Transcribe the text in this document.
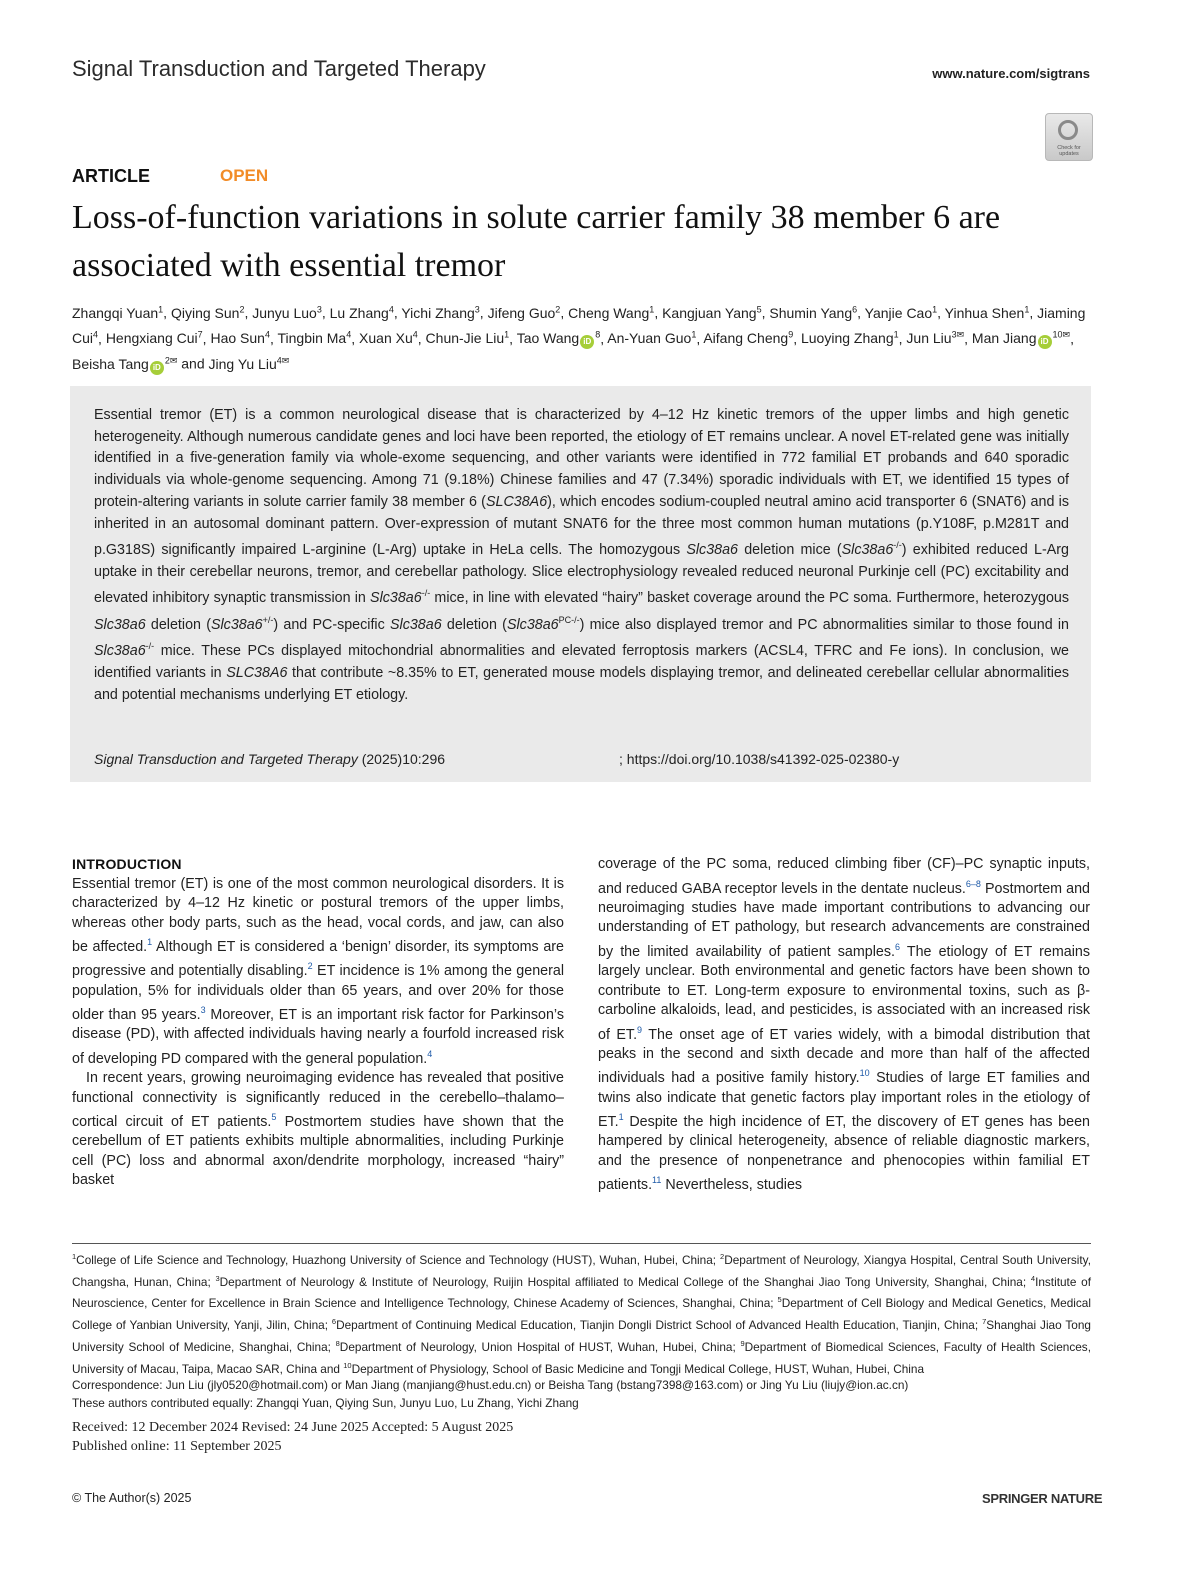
Signal Transduction and Targeted Therapy	www.nature.com/sigtrans
Check for updates
ARTICLE	OPEN
Loss-of-function variations in solute carrier family 38 member 6 are associated with essential tremor
Zhangqi Yuan$^1$, Qiying Sun$^2$, Junyu Luo$^3$, Lu Zhang$^4$, Yichi Zhang$^3$, Jifeng Guo$^2$, Cheng Wang$^1$, Kangjuan Yang$^5$, Shumin Yang$^6$, Yanjie Cao$^1$, Yinhua Shen$^1$, Jiaming Cui$^4$, Hengxiang Cui$^7$, Hao Sun$^4$, Tingbin Ma$^4$, Xuan Xu$^4$, Chun-Jie Liu$^1$, Tao Wang $iD^8$, An-Yuan Guo$^1$, Aifang Cheng$^9$, Luoying Zhang$^1$, Jun Liu$^{3✉}$, Man Jiang $iD^{10✉}$, Beisha Tang $iD^{2✉}$ and Jing Yu Liu$^{4✉}$
Essential tremor (ET) is a common neurological disease that is characterized by 4–12 Hz kinetic tremors of the upper limbs and high genetic heterogeneity. Although numerous candidate genes and loci have been reported, the etiology of ET remains unclear. A novel ET-related gene was initially identified in a five-generation family via whole-exome sequencing, and other variants were identified in 772 familial ET probands and 640 sporadic individuals via whole-genome sequencing. Among 71 (9.18%) Chinese families and 47 (7.34%) sporadic individuals with ET, we identified 15 types of protein-altering variants in solute carrier family 38 member 6 (SLC38A6), which encodes sodium-coupled neutral amino acid transporter 6 (SNAT6) and is inherited in an autosomal dominant pattern. Over-expression of mutant SNAT6 for the three most common human mutations (p.Y108F, p.M281T and p.G318S) significantly impaired L-arginine (L-Arg) uptake in HeLa cells. The homozygous Slc38a6 deletion mice (Slc38a6-/-) exhibited reduced L-Arg uptake in their cerebellar neurons, tremor, and cerebellar pathology. Slice electrophysiology revealed reduced neuronal Purkinje cell (PC) excitability and elevated inhibitory synaptic transmission in Slc38a6-/- mice, in line with elevated “hairy” basket coverage around the PC soma. Furthermore, heterozygous Slc38a6 deletion (Slc38a6+/-) and PC-specific Slc38a6 deletion $(Slc38a6^{PC-/-})$ mice also displayed tremor and PC abnormalities similar to those found in Slc38a6-/- mice. These PCs displayed mitochondrial abnormalities and elevated ferroptosis markers (ACSL4, TFRC and Fe ions). In conclusion, we identified variants in SLC38A6 that contribute ~8.35% to ET, generated mouse models displaying tremor, and delineated cerebellar cellular abnormalities and potential mechanisms underlying ET etiology.
Signal Transduction and Targeted Therapy (2025)10:296	; https://doi.org/10.1038/s41392-025-02380-y
INTRODUCTION

Essential tremor (ET) is one of the most common neurological disorders. It is characterized by 4–12 Hz kinetic or postural tremors of the upper limbs, whereas other body parts, such as the head, vocal cords, and jaw, can also be affected.$^1$ Although ET is considered a ‘benign’ disorder, its symptoms are progressive and potentially disabling.$^2$ ET incidence is 1% among the general population, 5% for individuals older than 65 years, and over 20% for those older than 95 years.$^3$ Moreover, ET is an important risk factor for Parkinson’s disease (PD), with affected individuals having nearly a fourfold increased risk of developing PD compared with the general population.$^4$

In recent years, growing neuroimaging evidence has revealed that positive functional connectivity is significantly reduced in the cerebello–thalamo–cortical circuit of ET patients.$^5$ Postmortem studies have shown that the cerebellum of ET patients exhibits multiple abnormalities, including Purkinje cell (PC) loss and abnormal axon/dendrite morphology, increased “hairy” basket

coverage of the PC soma, reduced climbing fiber (CF)–PC synaptic inputs, and reduced GABA receptor levels in the dentate nucleus.$^{6-8}$ Postmortem and neuroimaging studies have made important contributions to advancing our understanding of ET pathology, but research advancements are constrained by the limited availability of patient samples.$^6$ The etiology of ET remains largely unclear. Both environmental and genetic factors have been shown to contribute to ET. Long-term exposure to environmental toxins, such as β-carboline alkaloids, lead, and pesticides, is associated with an increased risk of ET.$^9$ The onset age of ET varies widely, with a bimodal distribution that peaks in the second and sixth decade and more than half of the affected individuals had a positive family history.$^{10}$ Studies of large ET families and twins also indicate that genetic factors play important roles in the etiology of ET.$^1$ Despite the high incidence of ET, the discovery of ET genes has been hampered by clinical heterogeneity, absence of reliable diagnostic markers, and the presence of nonpenetrance and phenocopies within familial ET patients.$^{11}$ Nevertheless, studies

$^1$College of Life Science and Technology, Huazhong University of Science and Technology (HUST), Wuhan, Hubei, China; $^2$Department of Neurology, Xiangya Hospital, Central South University, Changsha, Hunan, China; $^3$Department of Neurology & Institute of Neurology, Ruijin Hospital affiliated to Medical College of the Shanghai Jiao Tong University, Shanghai, China; $^4$Institute of Neuroscience, Center for Excellence in Brain Science and Intelligence Technology, Chinese Academy of Sciences, Shanghai, China; $^5$Department of Cell Biology and Medical Genetics, Medical College of Yanbian University, Yanji, Jilin, China; $^6$Department of Continuing Medical Education, Tianjin Dongli District School of Advanced Health Education, Tianjin, China; $^7$Shanghai Jiao Tong University School of Medicine, Shanghai, China; $^8$Department of Neurology, Union Hospital of HUST, Wuhan, Hubei, China; $^9$Department of Biomedical Sciences, Faculty of Health Sciences, University of Macau, Taipa, Macao SAR, China and $^{10}$Department of Physiology, School of Basic Medicine and Tongji Medical College, HUST, Wuhan, Hubei, China
Correspondence: Jun Liu (jly0520@hotmail.com) or Man Jiang (manjiang@hust.edu.cn) or Beisha Tang (bstang7398@163.com) or Jing Yu Liu (liujy@ion.ac.cn)
These authors contributed equally: Zhangqi Yuan, Qiying Sun, Junyu Luo, Lu Zhang, Yichi Zhang
Received: 12 December 2024 Revised: 24 June 2025 Accepted: 5 August 2025
Published online: 11 September 2025
© The Author(s) 2025	SPRINGER NATURE
